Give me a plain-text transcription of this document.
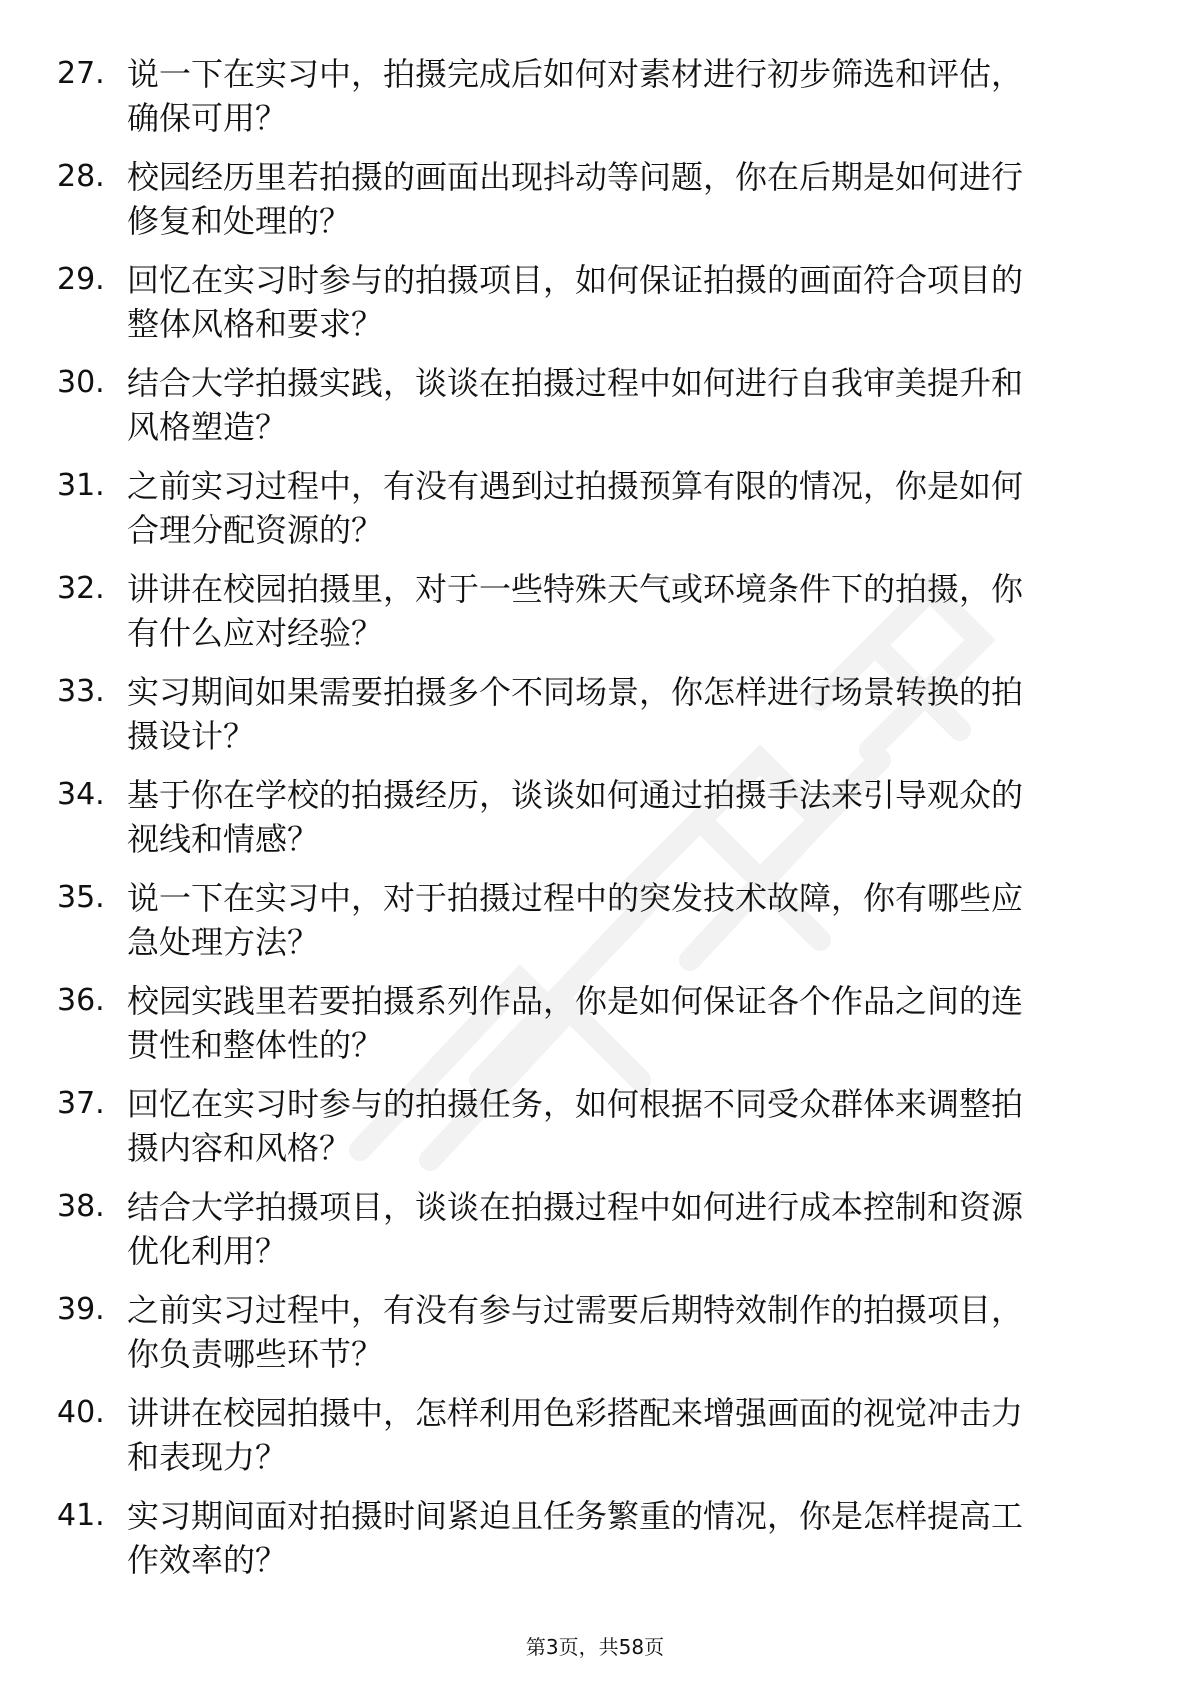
27. 说一下在实习中，拍摄完成后如何对素材进行初步筛选和评估，
确保可用？
28. 校园经历里若拍摄的画面出现抖动等问题，你在后期是如何进行
修复和处理的？
29. 回忆在实习时参与的拍摄项目，如何保证拍摄的画面符合项目的
整体风格和要求？
30. 结合大学拍摄实践，谈谈在拍摄过程中如何进行自我审美提升和
风格塑造？
31. 之前实习过程中，有没有遇到过拍摄预算有限的情况，你是如何
合理分配资源的？
32. 讲讲在校园拍摄里，对于一些特殊天气或环境条件下的拍摄，你
有什么应对经验？
33. 实习期间如果需要拍摄多个不同场景，你怎样进行场景转换的拍
摄设计？
34. 基于你在学校的拍摄经历，谈谈如何通过拍摄手法来引导观众的
视线和情感？
35. 说一下在实习中，对于拍摄过程中的突发技术故障，你有哪些应
急处理方法？
36. 校园实践里若要拍摄系列作品，你是如何保证各个作品之间的连
贯性和整体性的？
37. 回忆在实习时参与的拍摄任务，如何根据不同受众群体来调整拍
摄内容和风格？
38. 结合大学拍摄项目，谈谈在拍摄过程中如何进行成本控制和资源
优化利用？
39. 之前实习过程中，有没有参与过需要后期特效制作的拍摄项目，
你负责哪些环节？
40. 讲讲在校园拍摄中，怎样利用色彩搭配来增强画面的视觉冲击力
和表现力？
41. 实习期间面对拍摄时间紧迫且任务繁重的情况，你是怎样提高工
作效率的？
第3页，共58页
